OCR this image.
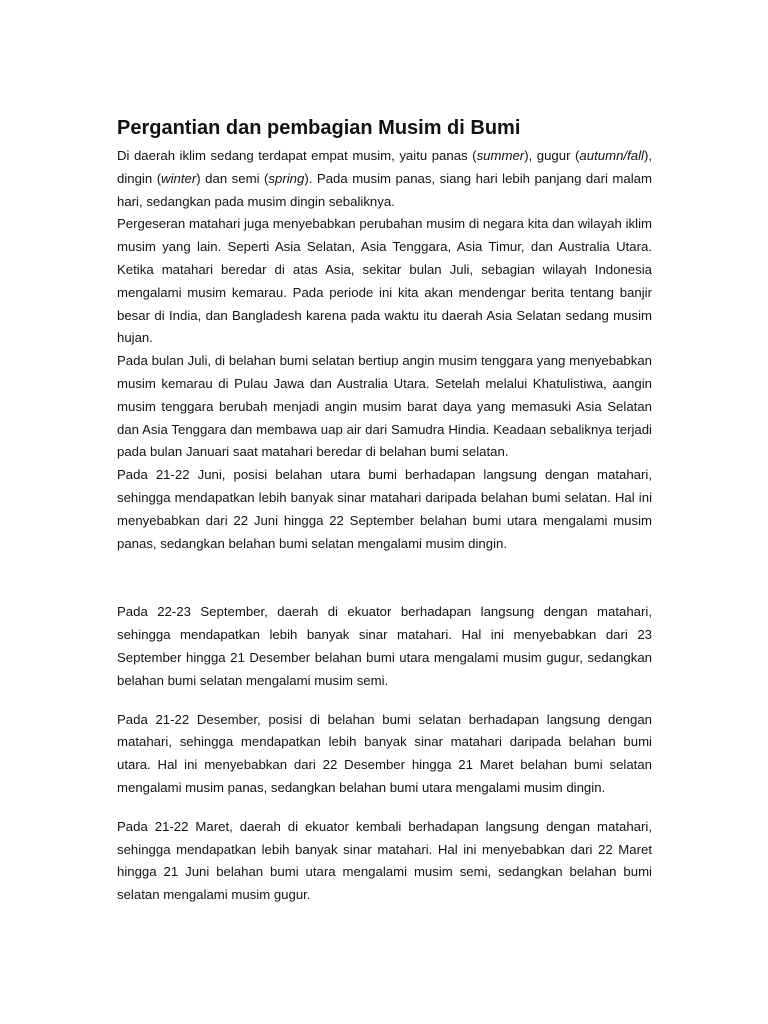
Pergantian dan pembagian Musim di Bumi

Di daerah iklim sedang terdapat empat musim, yaitu panas (summer), gugur (autumn/fall), dingin (winter) dan semi (spring). Pada musim panas, siang hari lebih panjang dari malam hari, sedangkan pada musim dingin sebaliknya.

Pergeseran matahari juga menyebabkan perubahan musim di negara kita dan wilayah iklim musim yang lain. Seperti Asia Selatan, Asia Tenggara, Asia Timur, dan Australia Utara. Ketika matahari beredar di atas Asia, sekitar bulan Juli, sebagian wilayah Indonesia mengalami musim kemarau. Pada periode ini kita akan mendengar berita tentang banjir besar di India, dan Bangladesh karena pada waktu itu daerah Asia Selatan sedang musim hujan.

Pada bulan Juli, di belahan bumi selatan bertiup angin musim tenggara yang menyebabkan musim kemarau di Pulau Jawa dan Australia Utara. Setelah melalui Khatulistiwa, aangin musim tenggara berubah menjadi angin musim barat daya yang memasuki Asia Selatan dan Asia Tenggara dan membawa uap air dari Samudra Hindia. Keadaan sebaliknya terjadi pada bulan Januari saat matahari beredar di belahan bumi selatan.

Pada 21-22 Juni, posisi belahan utara bumi berhadapan langsung dengan matahari, sehingga mendapatkan lebih banyak sinar matahari daripada belahan bumi selatan. Hal ini menyebabkan dari 22 Juni hingga 22 September belahan bumi utara mengalami musim panas, sedangkan belahan bumi selatan mengalami musim dingin.

Pada 22-23 September, daerah di ekuator berhadapan langsung dengan matahari, sehingga mendapatkan lebih banyak sinar matahari. Hal ini menyebabkan dari 23 September hingga 21 Desember belahan bumi utara mengalami musim gugur, sedangkan belahan bumi selatan mengalami musim semi.

Pada 21-22 Desember, posisi di belahan bumi selatan berhadapan langsung dengan matahari, sehingga mendapatkan lebih banyak sinar matahari daripada belahan bumi utara. Hal ini menyebabkan dari 22 Desember hingga 21 Maret belahan bumi selatan mengalami musim panas, sedangkan belahan bumi utara mengalami musim dingin.

Pada 21-22 Maret, daerah di ekuator kembali berhadapan langsung dengan matahari, sehingga mendapatkan lebih banyak sinar matahari. Hal ini menyebabkan dari 22 Maret hingga 21 Juni belahan bumi utara mengalami musim semi, sedangkan belahan bumi selatan mengalami musim gugur.
